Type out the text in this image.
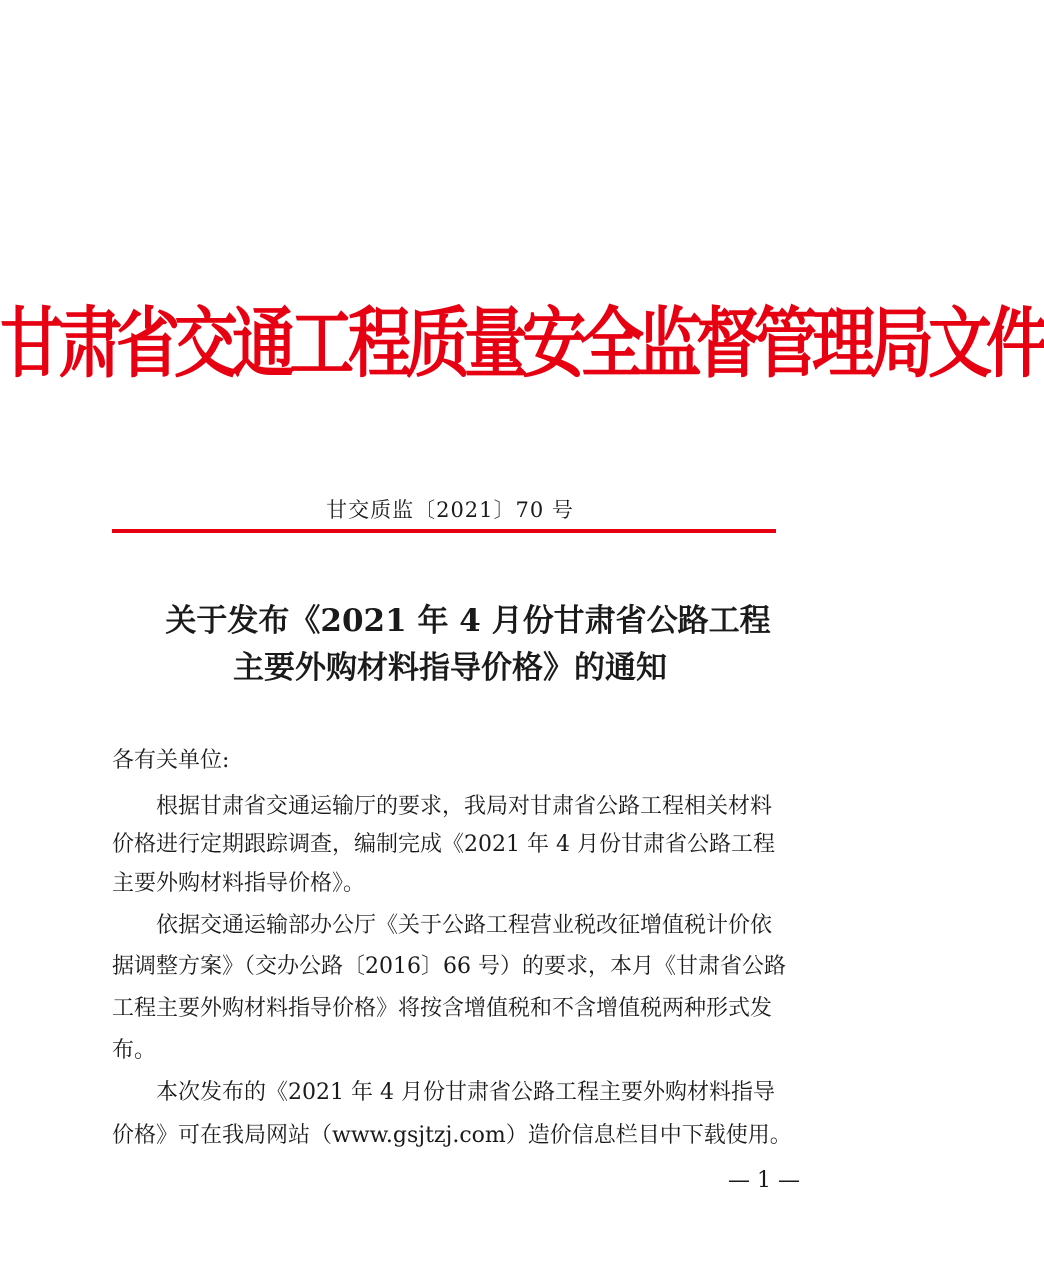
甘肃省交通工程质量安全监督管理局文件
甘交质监〔2021〕70 号
关于发布《2021 年 4 月份甘肃省公路工程
主要外购材料指导价格》的通知
各有关单位:
　　根据甘肃省交通运输厅的要求，我局对甘肃省公路工程相关材料
价格进行定期跟踪调查，编制完成《2021 年 4 月份甘肃省公路工程
主要外购材料指导价格》。
　　依据交通运输部办公厅《关于公路工程营业税改征增值税计价依
据调整方案》（交办公路〔2016〕66 号）的要求，本月《甘肃省公路
工程主要外购材料指导价格》将按含增值税和不含增值税两种形式发
布。
　　本次发布的《2021 年 4 月份甘肃省公路工程主要外购材料指导
价格》可在我局网站（www.gsjtzj.com）造价信息栏目中下载使用。
— 1 —
